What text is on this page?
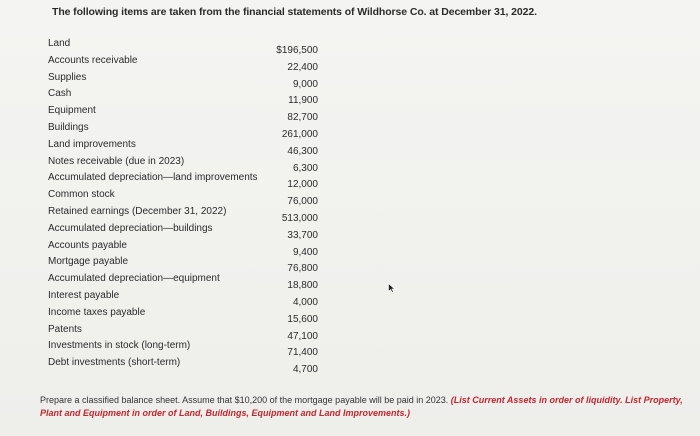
The following items are taken from the financial statements of Wildhorse Co. at December 31, 2022.
Land
Accounts receivable
Supplies
Cash
Equipment
Buildings
Land improvements
Notes receivable (due in 2023)
Accumulated depreciation—land improvements
Common stock
Retained earnings (December 31, 2022)
Accumulated depreciation—buildings
Accounts payable
Mortgage payable
Accumulated depreciation—equipment
Interest payable
Income taxes payable
Patents
Investments in stock (long-term)
Debt investments (short-term)
$196,500
22,400
9,000
11,900
82,700
261,000
46,300
6,300
12,000
76,000
513,000
33,700
9,400
76,800
18,800
4,000
15,600
47,100
71,400
4,700
Prepare a classified balance sheet. Assume that $10,200 of the mortgage payable will be paid in 2023. (List Current Assets in order of liquidity. List Property, Plant and Equipment in order of Land, Buildings, Equipment and Land Improvements.)
